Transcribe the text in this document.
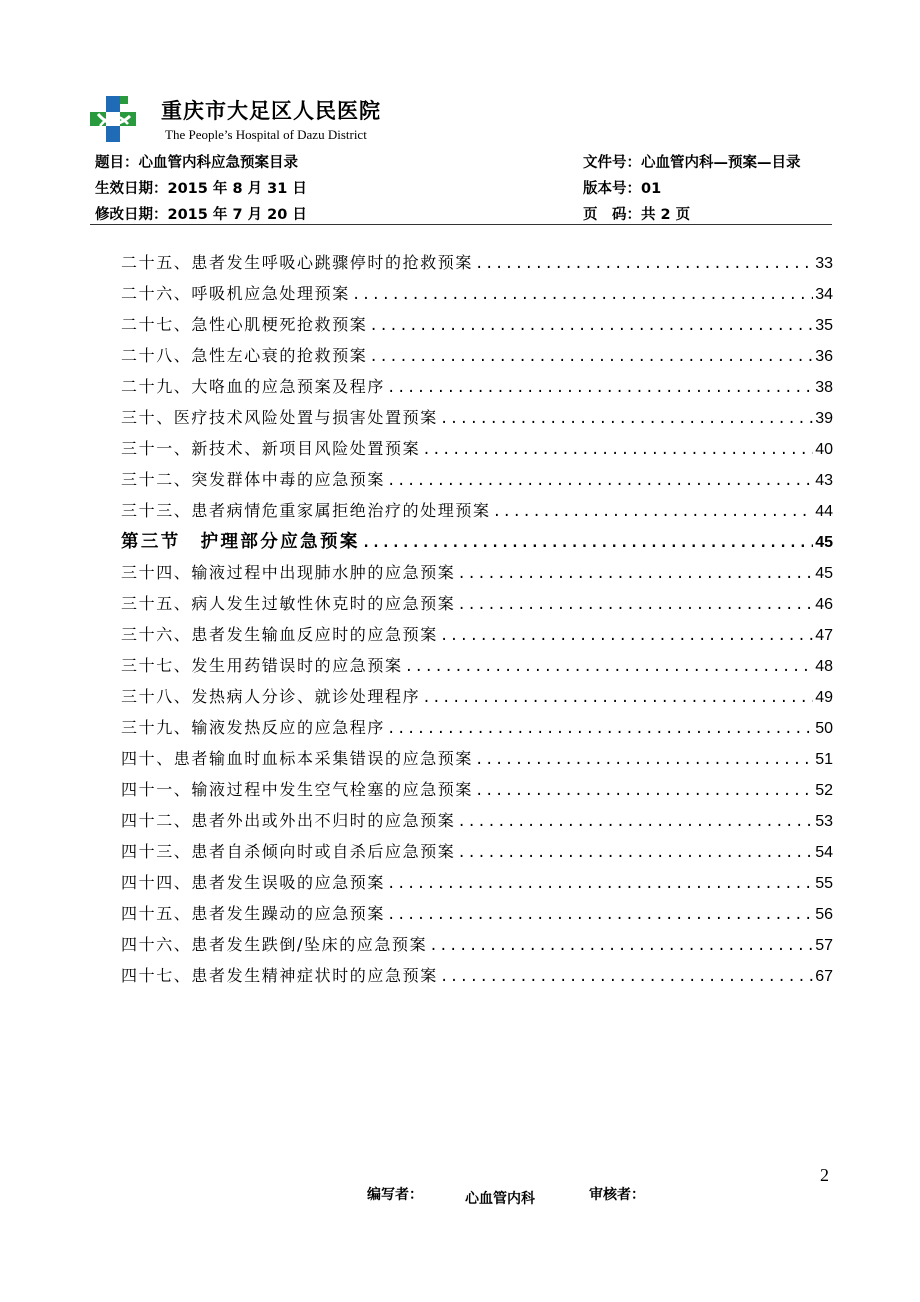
重庆市大足区人民医院
The People’s Hospital of Dazu District
题目：心血管内科应急预案目录	文件号：心血管内科—预案—目录
生效日期：2015 年 8 月 31 日	版本号：01
修改日期：2015 年 7 月 20 日	页　码：共 2 页
二十五、患者发生呼吸心跳骤停时的抢救预案 .....	33
二十六、呼吸机应急处理预案 .....	34
二十七、急性心肌梗死抢救预案 .....	35
二十八、急性左心衰的抢救预案 .....	36
二十九、大咯血的应急预案及程序 .....	38
三十、医疗技术风险处置与损害处置预案 .....	39
三十一、新技术、新项目风险处置预案 .....	40
三十二、突发群体中毒的应急预案 .....	43
三十三、患者病情危重家属拒绝治疗的处理预案 .....	44
第三节　护理部分应急预案 .....	45
三十四、输液过程中出现肺水肿的应急预案 .....	45
三十五、病人发生过敏性休克时的应急预案 .....	46
三十六、患者发生输血反应时的应急预案 .....	47
三十七、发生用药错误时的应急预案 .....	48
三十八、发热病人分诊、就诊处理程序 .....	49
三十九、输液发热反应的应急程序 .....	50
四十、患者输血时血标本采集错误的应急预案 .....	51
四十一、输液过程中发生空气栓塞的应急预案 .....	52
四十二、患者外出或外出不归时的应急预案 .....	53
四十三、患者自杀倾向时或自杀后应急预案 .....	54
四十四、患者发生误吸的应急预案 .....	55
四十五、患者发生躁动的应急预案 .....	56
四十六、患者发生跌倒/坠床的应急预案 .....	57
四十七、患者发生精神症状时的应急预案 .....	67
2
编写者：	心血管内科	审核者：
